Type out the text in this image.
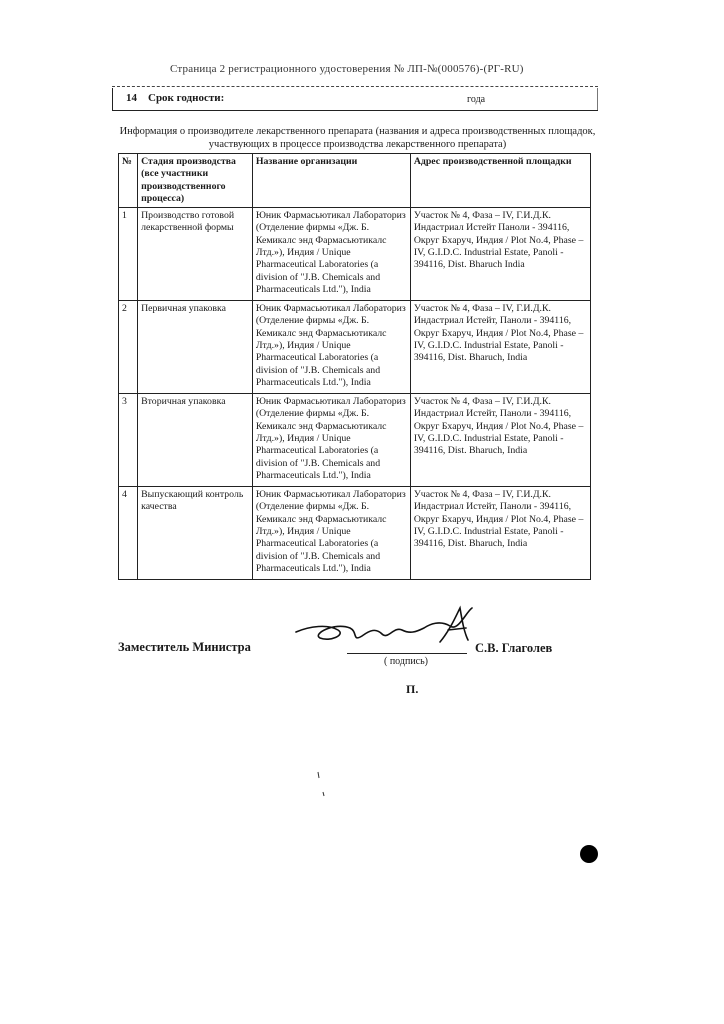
Страница 2 регистрационного удостоверения № ЛП-№(000576)-(РГ-RU)
14 Срок годности:	года
Информация о производителе лекарственного препарата (названия и адреса производственных площадок, участвующих в процессе производства лекарственного препарата)
№	Стадия производства (все участники производственного процесса)	Название организации	Адрес производственной площадки
1	Производство готовой лекарственной формы	Юник Фармасьютикал Лабораториз (Отделение фирмы «Дж. Б. Кемикалс энд Фармасьютикалс Лтд.»), Индия / Unique Pharmaceutical Laboratories (a division of "J.B. Chemicals and Pharmaceuticals Ltd."), India	Участок № 4, Фаза – IV, Г.И.Д.К. Индастриал Истейт Паноли - 394116, Округ Бхаруч, Индия / Plot No.4, Phase – IV, G.I.D.C. Industrial Estate, Panoli - 394116, Dist. Bharuch India
2	Первичная упаковка	Юник Фармасьютикал Лабораториз (Отделение фирмы «Дж. Б. Кемикалс энд Фармасьютикалс Лтд.»), Индия / Unique Pharmaceutical Laboratories (a division of "J.B. Chemicals and Pharmaceuticals Ltd."), India	Участок № 4, Фаза – IV, Г.И.Д.К. Индастриал Истейт, Паноли - 394116, Округ Бхаруч, Индия / Plot No.4, Phase – IV, G.I.D.C. Industrial Estate, Panoli - 394116, Dist. Bharuch, India
3	Вторичная упаковка	Юник Фармасьютикал Лабораториз (Отделение фирмы «Дж. Б. Кемикалс энд Фармасьютикалс Лтд.»), Индия / Unique Pharmaceutical Laboratories (a division of "J.B. Chemicals and Pharmaceuticals Ltd."), India	Участок № 4, Фаза – IV, Г.И.Д.К. Индастриал Истейт, Паноли - 394116, Округ Бхаруч, Индия / Plot No.4, Phase – IV, G.I.D.C. Industrial Estate, Panoli - 394116, Dist. Bharuch, India
4	Выпускающий контроль качества	Юник Фармасьютикал Лабораториз (Отделение фирмы «Дж. Б. Кемикалс энд Фармасьютикалс Лтд.»), Индия / Unique Pharmaceutical Laboratories (a division of "J.B. Chemicals and Pharmaceuticals Ltd."), India	Участок № 4, Фаза – IV, Г.И.Д.К. Индастриал Истейт, Паноли - 394116, Округ Бхаруч, Индия / Plot No.4, Phase – IV, G.I.D.C. Industrial Estate, Panoli - 394116, Dist. Bharuch, India
Заместитель Министра	С.В. Глаголев
( подпись)
П.
